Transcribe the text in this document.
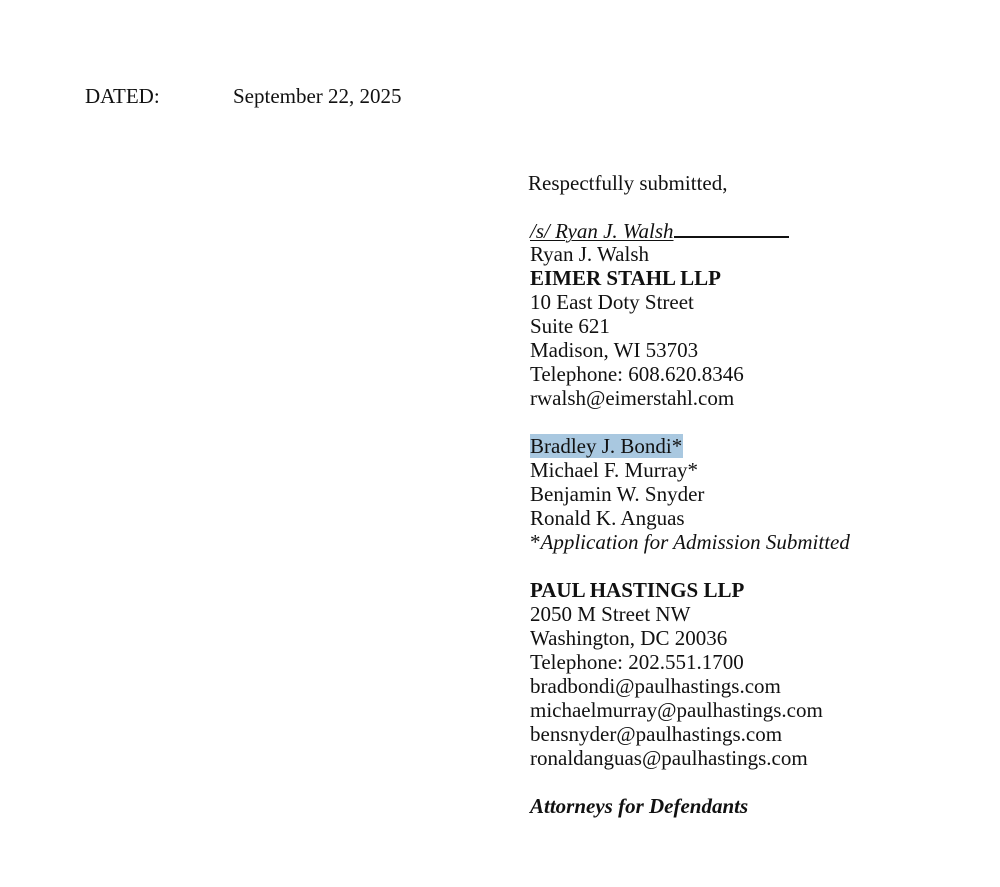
DATED:	September 22, 2025
Respectfully submitted,
/s/ Ryan J. Walsh
Ryan J. Walsh
EIMER STAHL LLP
10 East Doty Street
Suite 621
Madison, WI 53703
Telephone: 608.620.8346
rwalsh@eimerstahl.com
Bradley J. Bondi*
Michael F. Murray*
Benjamin W. Snyder
Ronald K. Anguas
*Application for Admission Submitted
PAUL HASTINGS LLP
2050 M Street NW
Washington, DC 20036
Telephone: 202.551.1700
bradbondi@paulhastings.com
michaelmurray@paulhastings.com
bensnyder@paulhastings.com
ronaldanguas@paulhastings.com
Attorneys for Defendants
